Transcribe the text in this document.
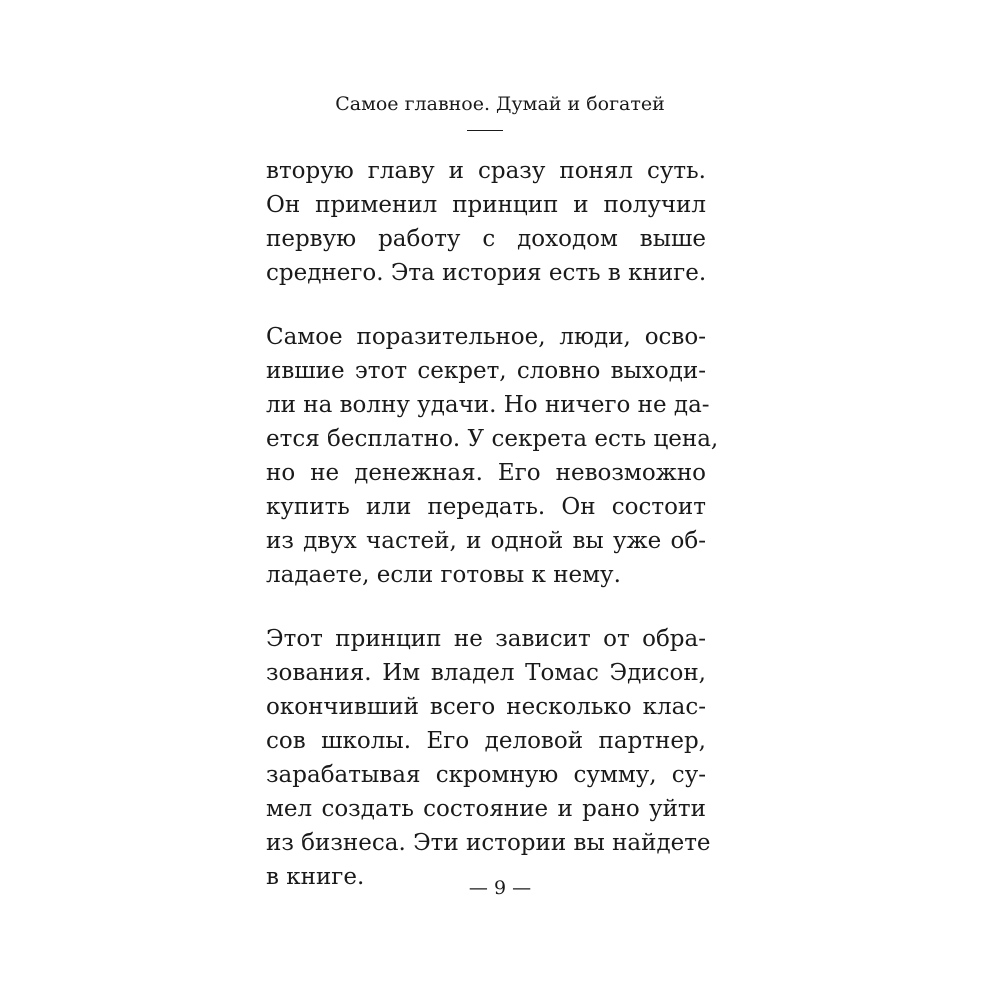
Самое главное. Думай и богатей

вторую главу и сразу понял суть.
Он применил принцип и получил
первую работу с доходом выше
среднего. Эта история есть в книге.

Самое поразительное, люди, осво-
ившие этот секрет, словно выходи-
ли на волну удачи. Но ничего не да-
ется бесплатно. У секрета есть цена,
но не денежная. Его невозможно
купить или передать. Он состоит
из двух частей, и одной вы уже об-
ладаете, если готовы к нему.

Этот принцип не зависит от обра-
зования. Им владел Томас Эдисон,
окончивший всего несколько клас-
сов школы. Его деловой партнер,
зарабатывая скромную сумму, су-
мел создать состояние и рано уйти
из бизнеса. Эти истории вы найдете
в книге.	— 9 —
